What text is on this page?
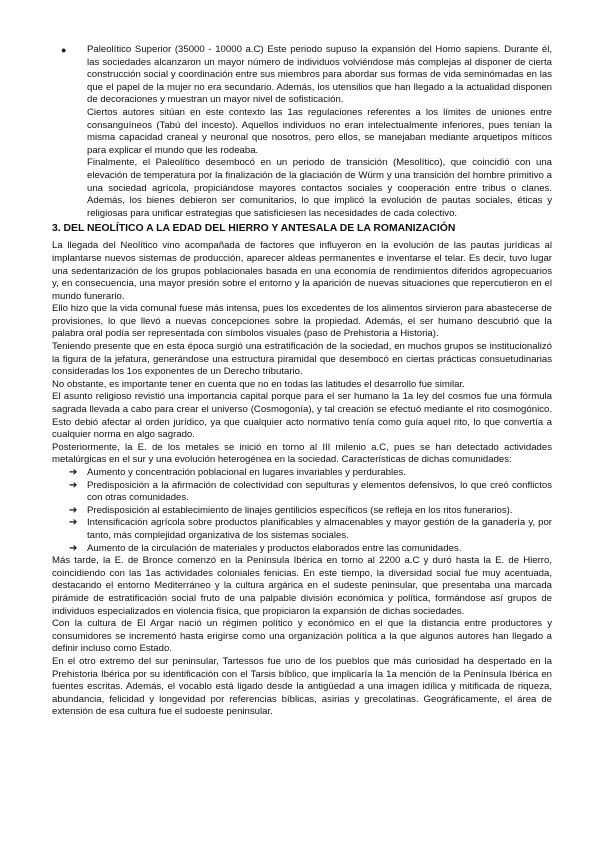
● Paleolítico Superior (35000 - 10000 a.C) Este periodo supuso la expansión del Homo sapiens. Durante él, las sociedades alcanzaron un mayor número de individuos volviéndose más complejas al disponer de cierta construcción social y coordinación entre sus miembros para abordar sus formas de vida seminómadas en las que el papel de la mujer no era secundario. Además, los utensilios que han llegado a la actualidad disponen de decoraciones y muestran un mayor nivel de sofisticación.

Ciertos autores sitúan en este contexto las 1as regulaciones referentes a los límites de uniones entre consanguíneos (Tabú del incesto). Aquellos individuos no eran intelectualmente inferiores, pues tenían la misma capacidad craneal y neuronal que nosotros, pero ellos, se manejaban mediante arquetipos míticos para explicar el mundo que les rodeaba.

Finalmente, el Paleolítico desembocó en un periodo de transición (Mesolítico), que coincidió con una elevación de temperatura por la finalización de la glaciación de Würm y una transición del hombre primitivo a una sociedad agrícola, propiciándose mayores contactos sociales y cooperación entre tribus o clanes. Además, los bienes debieron ser comunitarios, lo que implicó la evolución de pautas sociales, éticas y religiosas para unificar estrategias que satisficiesen las necesidades de cada colectivo.

3. DEL NEOLÍTICO A LA EDAD DEL HIERRO Y ANTESALA DE LA ROMANIZACIÓN

La llegada del Neolítico vino acompañada de factores que influyeron en la evolución de las pautas jurídicas al implantarse nuevos sistemas de producción, aparecer aldeas permanentes e inventarse el telar. Es decir, tuvo lugar una sedentarización de los grupos poblacionales basada en una economía de rendimientos diferidos agropecuarios y, en consecuencia, una mayor presión sobre el entorno y la aparición de nuevas situaciones que repercutieron en el mundo funerario.

Ello hizo que la vida comunal fuese más intensa, pues los excedentes de los alimentos sirvieron para abastecerse de provisiones, lo que llevó a nuevas concepciones sobre la propiedad. Además, el ser humano descubrió que la palabra oral podía ser representada con símbolos visuales (paso de Prehistoria a Historia).

Teniendo presente que en esta época surgió una estratificación de la sociedad, en muchos grupos se institucionalizó la figura de la jefatura, generándose una estructura piramidal que desembocó en ciertas prácticas consuetudinarias consideradas los 1os exponentes de un Derecho tributario.

No obstante, es importante tener en cuenta que no en todas las latitudes el desarrollo fue similar.

El asunto religioso revistió una importancia capital porque para el ser humano la 1a ley del cosmos fue una fórmula sagrada llevada a cabo para crear el universo (Cosmogonía), y tal creación se efectuó mediante el rito cosmogónico. Esto debió afectar al orden jurídico, ya que cualquier acto normativo tenía como guía aquel rito, lo que convertía a cualquier norma en algo sagrado.

Posteriormente, la E. de los metales se inició en torno al III milenio a.C, pues se han detectado actividades metalúrgicas en el sur y una evolución heterogénea en la sociedad. Características de dichas comunidades:

➔ Aumento y concentración poblacional en lugares invariables y perdurables.
➔ Predisposición a la afirmación de colectividad con sepulturas y elementos defensivos, lo que creó conflictos con otras comunidades.
➔ Predisposición al establecimiento de linajes gentilicios específicos (se refleja en los ritos funerarios).
➔ Intensificación agrícola sobre productos planificables y almacenables y mayor gestión de la ganadería y, por tanto, más complejidad organizativa de los sistemas sociales.
➔ Aumento de la circulación de materiales y productos elaborados entre las comunidades.

Más tarde, la E. de Bronce comenzó en la Península Ibérica en torno al 2200 a.C y duró hasta la E. de Hierro, coincidiendo con las 1as actividades coloniales fenicias. En este tiempo, la diversidad social fue muy acentuada, destacando el entorno Mediterráneo y la cultura argárica en el sudeste peninsular, que presentaba una marcada pirámide de estratificación social fruto de una palpable división económica y política, formándose así grupos de individuos especializados en violencia física, que propiciaron la expansión de dichas sociedades.

Con la cultura de El Argar nació un régimen político y económico en el que la distancia entre productores y consumidores se incrementó hasta erigirse como una organización política a la que algunos autores han llegado a definir incluso como Estado.

En el otro extremo del sur peninsular, Tartessos fue uno de los pueblos que más curiosidad ha despertado en la Prehistoria Ibérica por su identificación con el Tarsis bíblico, que implicaría la 1a mención de la Península Ibérica en fuentes escritas. Además, el vocablo está ligado desde la antigüedad a una imagen idílica y mitificada de riqueza, abundancia, felicidad y longevidad por referencias bíblicas, asirias y grecolatinas. Geográficamente, el área de extensión de esa cultura fue el sudoeste peninsular.
